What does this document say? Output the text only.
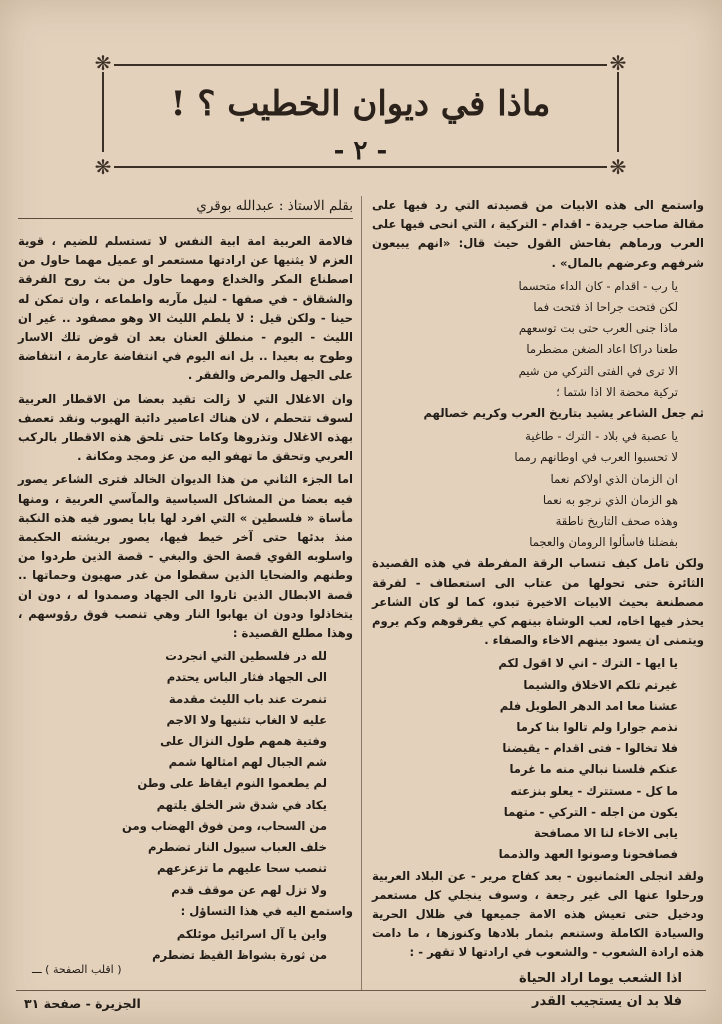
❋	❋
❋	❋
ماذا في ديوان الخطيب ؟ !
- ٢ -

واستمع الى هذه الابيات من قصيدته التي رد فيها على مقالة صاحب جريدة - اقدام - التركية ، التي انحى فيها على العرب ورماهم بفاحش القول حيث قال: «انهم يبيعون شرفهم وعرضهم بالمال» .

يا رب - اقدام - كان الداء متحسما
لكن فتحت جراحا اذ فتحت فما
ماذا جنى العرب حتى بت توسعهم
طعنا دراكا اعاد الضغن مضطرما
الا ترى في الفتى التركي من شيم
تركية محضة الا اذا شتما ؛

ثم جعل الشاعر يشيد بتاريخ العرب وكريم خصالهم

يا عصبة في بلاد - الترك - طاغية
لا تحسبوا العرب في اوطانهم رمما
ان الزمان الذي اولاكم نعما
هو الزمان الذي نرجو به نعما
وهذه صحف التاريخ ناطقة
بفضلنا فاسألوا الرومان والعجما

ولكن تامل كيف تنساب الرقة المفرطة في هذه القصيدة الثائرة حتى تحولها من عتاب الى استعطاف - لفرقة مصطنعة بحيث الابيات الاخيرة تبدو، كما لو كان الشاعر يحذر فيها اخاه، لعب الوشاة بينهم كي يفرقوهم وكم يروم ويتمنى ان يسود بينهم الاخاء والصفاء .

يا ايها - الترك - اني لا اقول لكم
غيرتم تلكم الاخلاق والشيما
عشنا معا امد الدهر الطويل فلم
نذمم جوارا ولم تالوا بنا كرما
فلا تخالوا - فتى اقدام - يقيضنا
عنكم فلسنا نبالي منه ما غرما
ما كل - مستترك - يعلو بنزعته
يكون من اجله - التركي - متهما
يابى الاخاء لنا الا مصافحة
فصافحونا وصونوا العهد والذمما

ولقد انجلى العثمانيون - بعد كفاح مرير - عن البلاد العربية ورحلوا عنها الى غير رجعة ، وسوف ينجلي كل مستعمر ودخيل حتى تعيش هذه الامة جميعها في ظلال الحرية والسيادة الكاملة وستنعم بثمار بلادها وكنوزها ، ما دامت هذه ارادة الشعوب - والشعوب في ارادتها لا تقهر - :

اذا الشعب يوما اراد الحياة
فلا بد ان يستجيب القدر
بقلم الاستاذ : عبدالله بوقري

فالامة العربية امة ابية النفس لا تستسلم للضيم ، قوية العزم لا يثنيها عن ارادتها مستعمر او عميل مهما حاول من اصطناع المكر والخداع ومهما حاول من بث روح الفرقة والشقاق - في صفها - لنيل مآربه واطماعه ، وان تمكن له حينا - ولكن قيل : لا يلطم الليث الا وهو مصفود .. غير ان الليث - اليوم - منطلق العنان بعد ان قوض تلك الاسار وطوح به بعيدا .. بل انه اليوم في انتفاضة عارمة ، انتفاضة على الجهل والمرض والفقر .

وان الاغلال التي لا زالت تقيد بعضا من الاقطار العربية لسوف تتحطم ، لان هناك اعاصير دائبة الهبوب ونقد تعصف بهذه الاغلال وتذروها وكاما حتى تلحق هذه الاقطار بالركب العربي وتحقق ما تهفو اليه من عز ومجد ومكانة .

اما الجزء الثاني من هذا الديوان الخالد فترى الشاعر يصور فيه بعضا من المشاكل السياسية والمآسي العربية ، ومنها مأساة « فلسطين » التي افرد لها بابا يصور فيه هذه النكبة منذ بدئها حتى آخر خيط فيها، يصور بريشته الحكيمة واسلوبه القوي قصة الحق والبغي - قصة الذين طردوا من وطنهم والضحايا الذين سقطوا من غدر صهيون وحماتها .. قصة الابطال الذين ثاروا الى الجهاد وصمدوا له ، دون ان يتخاذلوا ودون ان يهابوا النار وهي تنصب فوق رؤوسهم ، وهذا مطلع القصيدة :

لله در فلسطين التي انجردت
الى الجهاد فثار الباس يحتدم
تنمرت عند باب الليث مقدمة
عليه لا الغاب تثنيها ولا الاجم
وفتية همهم طول النزال على
شم الجبال لهم امثالها شمم
لم يطعموا النوم ايقاظ على وطن
يكاد في شدق شر الخلق يلتهم
من السحاب، ومن فوق الهضاب ومن
خلف العباب سيول النار تضطرم
تنصب سحا عليهم ما تزعزعهم
ولا تزل لهم عن موقف قدم

واستمع اليه في هذا التساؤل :

واين يا آل اسرائيل موئلكم
من ثورة بشواظ القيظ تضطرم
( اقلب الصفحة ) ـــ
الجزيرة - صفحة ٣١
